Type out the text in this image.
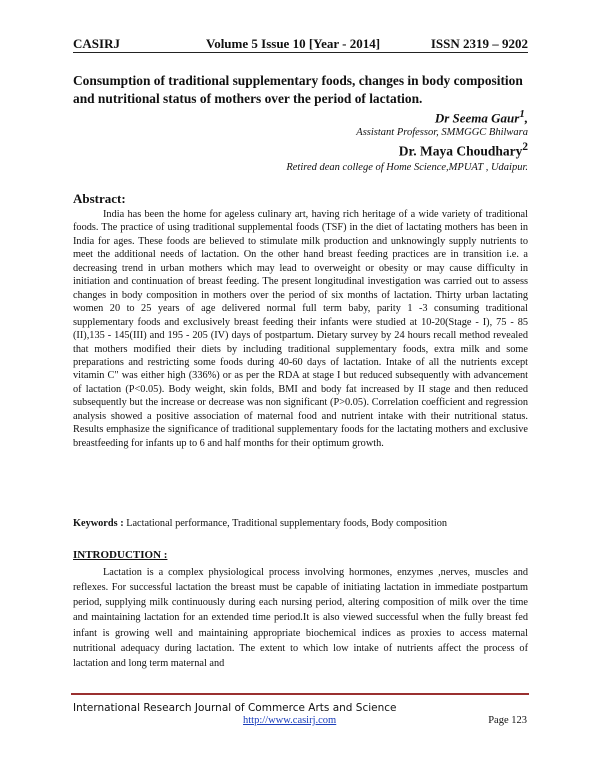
CASIRJ	Volume 5 Issue 10 [Year - 2014]	ISSN 2319 – 9202
Consumption of traditional supplementary foods, changes in body composition and nutritional status of mothers over the period of lactation.
Dr Seema Gaur$^1$,
Assistant Professor, SMMGGC Bhilwara
Dr. Maya Choudhary$^2$
Retired dean college of Home Science,MPUAT , Udaipur.
Abstract:

India has been the home for ageless culinary art, having rich heritage of a wide variety of traditional foods. The practice of using traditional supplemental foods (TSF) in the diet of lactating mothers has been in India for ages. These foods are believed to stimulate milk production and unknowingly supply nutrients to meet the additional needs of lactation. On the other hand breast feeding practices are in transition i.e. a decreasing trend in urban mothers which may lead to overweight or obesity or may cause difficulty in initiation and continuation of breast feeding. The present longitudinal investigation was carried out to assess changes in body composition in mothers over the period of six months of lactation. Thirty urban lactating women 20 to 25 years of age delivered normal full term baby, parity 1 -3 consuming traditional supplementary foods and exclusively breast feeding their infants were studied at 10-20(Stage - I), 75 - 85 (II),135 - 145(III) and 195 - 205 (IV) days of postpartum. Dietary survey by 24 hours recall method revealed that mothers modified their diets by including traditional supplementary foods, extra milk and some preparations and restricting some foods during 40-60 days of lactation. Intake of all the nutrients except vitamin C" was either high (336%) or as per the RDA at stage I but reduced subsequently with advancement of lactation (P<0.05). Body weight, skin folds, BMI and body fat increased by II stage and then reduced subsequently but the increase or decrease was non significant (P>0.05). Correlation coefficient and regression analysis showed a positive association of maternal food and nutrient intake with their nutritional status. Results emphasize the significance of traditional supplementary foods for the lactating mothers and exclusive breastfeeding for infants up to 6 and half months for their optimum growth.

Keywords : Lactational performance, Traditional supplementary foods, Body composition
INTRODUCTION :

Lactation is a complex physiological process involving hormones, enzymes ,nerves, muscles and reflexes. For successful lactation the breast must be capable of initiating lactation in immediate postpartum period, supplying milk continuously during each nursing period, altering composition of milk over the time and maintaining lactation for an extended time period.It is also viewed successful when the fully breast fed infant is growing well and maintaining appropriate biochemical indices as proxies to access maternal nutritional adequacy during lactation. The extent to which low intake of nutrients affect the process of lactation and long term maternal and

International Research Journal of Commerce Arts and Science
http://www.casirj.com	Page 123
